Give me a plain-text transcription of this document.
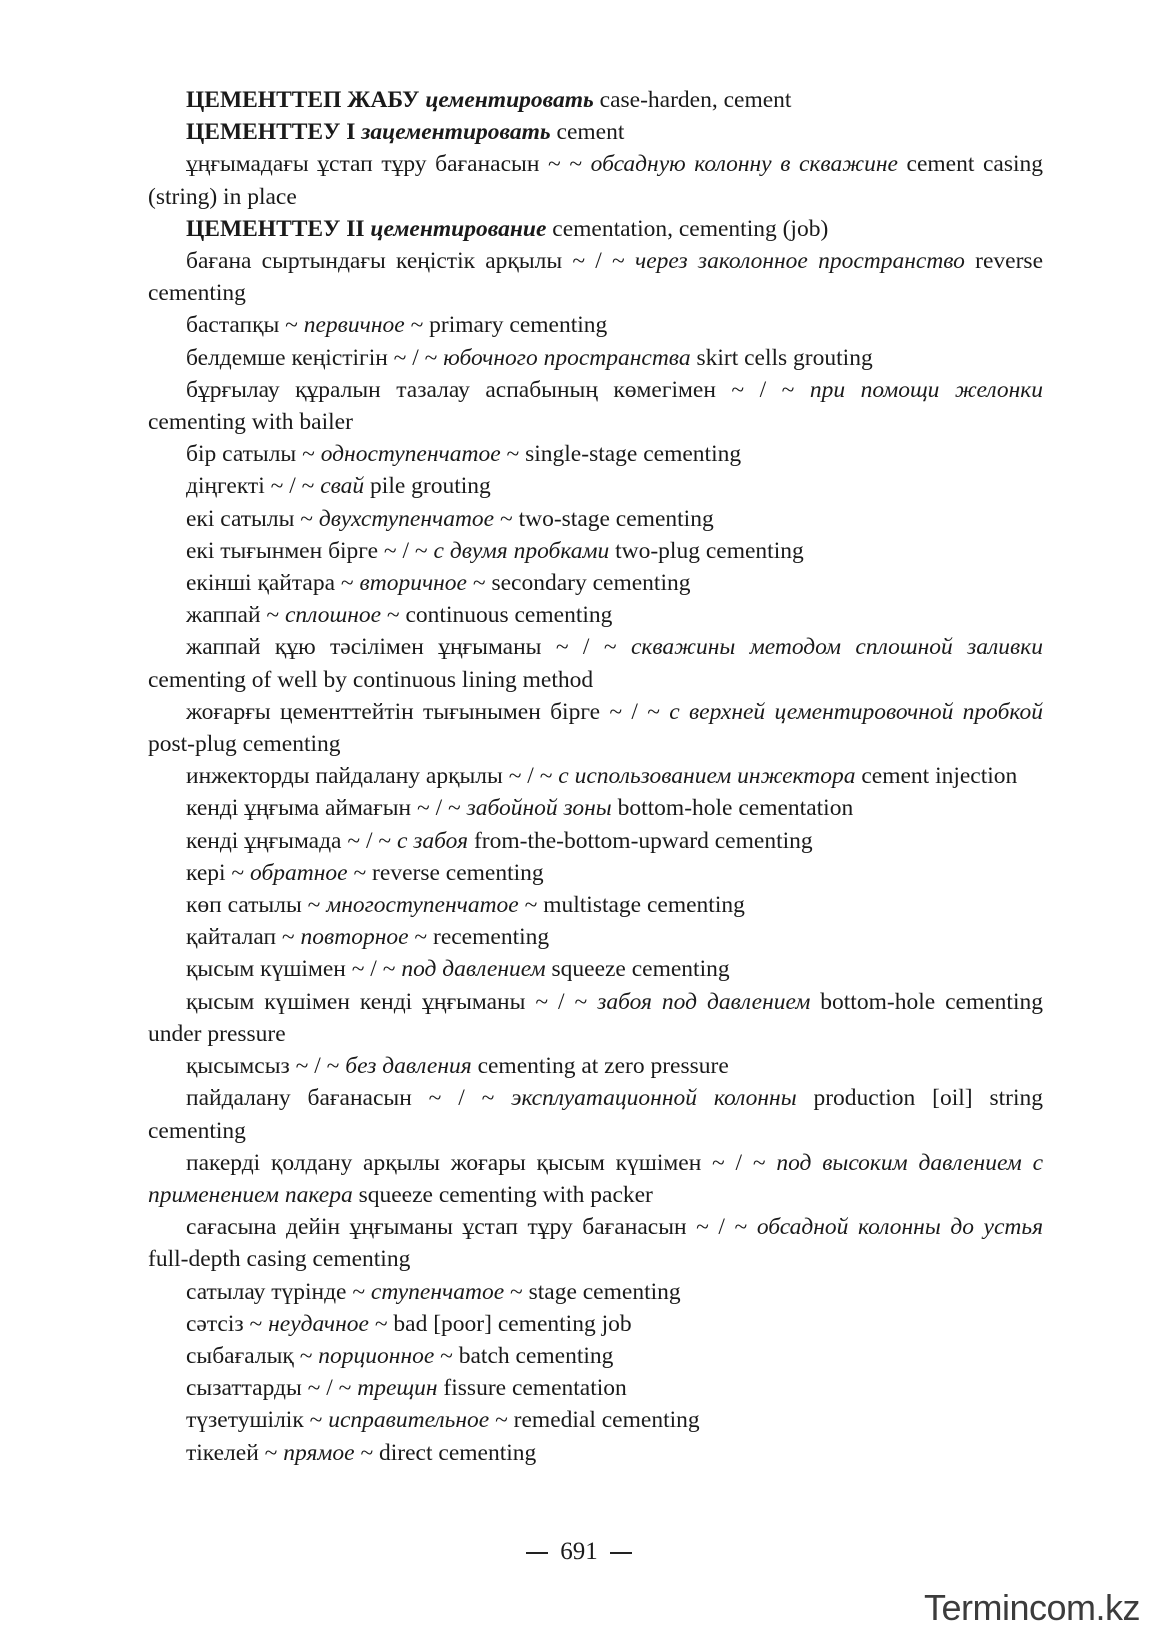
ЦЕМЕНТТЕП ЖАБУ цементировать case-harden, cement

ЦЕМЕНТТЕУ I зацементировать cement

ұңғымадағы ұстап тұру бағанасын ~ ~ обсадную колонну в скважине cement casing (string) in place

ЦЕМЕНТТЕУ II цементирование cementation, cementing (job)

бағана сыртындағы кеңістік арқылы ~ / ~ через заколонное пространство reverse cementing

бастапқы ~ первичное ~ primary cementing

белдемше кеңістігін ~ / ~ юбочного пространства skirt cells grouting

бұрғылау құралын тазалау аспабының көмегімен ~ / ~ при помощи желонки cementing with bailer

бір сатылы ~ одноступенчатое ~ single-stage cementing

діңгекті ~ / ~ свай pile grouting

екі сатылы ~ двухступенчатое ~ two-stage cementing

екі тығынмен бірге ~ / ~ с двумя пробками two-plug cementing

екінші қайтара ~ вторичное ~ secondary cementing

жаппай ~ сплошное ~ continuous cementing

жаппай құю тәсілімен ұңғыманы ~ / ~ скважины методом сплошной заливки cementing of well by continuous lining method

жоғарғы цементтейтін тығынымен бірге ~ / ~ с верхней цементировочной пробкой post-plug cementing

инжекторды пайдалану арқылы ~ / ~ с использованием инжектора cement injection

кенді ұңғыма аймағын ~ / ~ забойной зоны bottom-hole cementation

кенді ұңғымада ~ / ~ с забоя from-the-bottom-upward cementing

кері ~ обратное ~ reverse cementing

көп сатылы ~ многоступенчатое ~ multistage cementing

қайталап ~ повторное ~ recementing

қысым күшімен ~ / ~ под давлением squeeze cementing

қысым күшімен кенді ұңғыманы ~ / ~ забоя под давлением bottom-hole cementing under pressure

қысымсыз ~ / ~ без давления cementing at zero pressure

пайдалану бағанасын ~ / ~ эксплуатационной колонны production [oil] string cementing

пакерді қолдану арқылы жоғары қысым күшімен ~ / ~ под высоким давлением с применением пакера squeeze cementing with packer

сағасына дейін ұңғыманы ұстап тұру бағанасын ~ / ~ обсадной колонны до устья full-depth casing cementing

сатылау түрінде ~ ступенчатое ~ stage cementing

сәтсіз ~ неудачное ~ bad [poor] cementing job

сыбағалық ~ порционное ~ batch cementing

сызаттарды ~ / ~ трещин fissure cementation

түзетушілік ~ исправительное ~ remedial cementing

тікелей ~ прямое ~ direct cementing

691
Termincom.kz
